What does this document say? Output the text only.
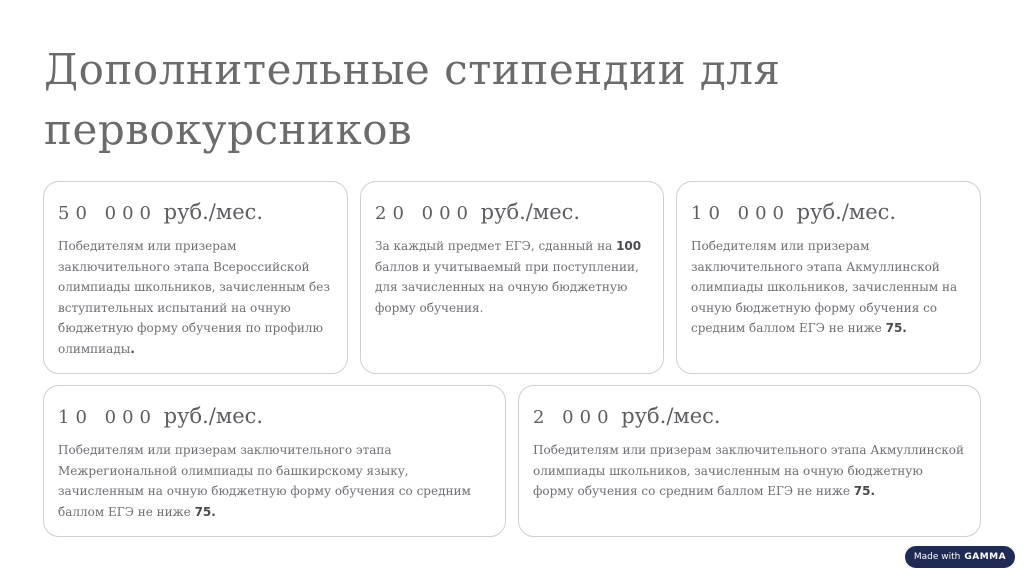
Дополнительные стипендии для первокурсников
50 000 руб./мес.

Победителям или призерам заключительного этапа Всероссийской олимпиады школьников, зачисленным без вступительных испытаний на очную бюджетную форму обучения по профилю олимпиады.

20 000 руб./мес.

За каждый предмет ЕГЭ, сданный на 100 баллов и учитываемый при поступлении, для зачисленных на очную бюджетную форму обучения.

10 000 руб./мес.

Победителям или призерам заключительного этапа Акмуллинской олимпиады школьников, зачисленным на очную бюджетную форму обучения со средним баллом ЕГЭ не ниже 75.

10 000 руб./мес.

Победителям или призерам заключительного этапа Межрегиональной олимпиады по башкирскому языку, зачисленным на очную бюджетную форму обучения со средним баллом ЕГЭ не ниже 75.

2 000 руб./мес.

Победителям или призерам заключительного этапа Акмуллинской олимпиады школьников, зачисленным на очную бюджетную форму обучения со средним баллом ЕГЭ не ниже 75.

Made with GAMMA
